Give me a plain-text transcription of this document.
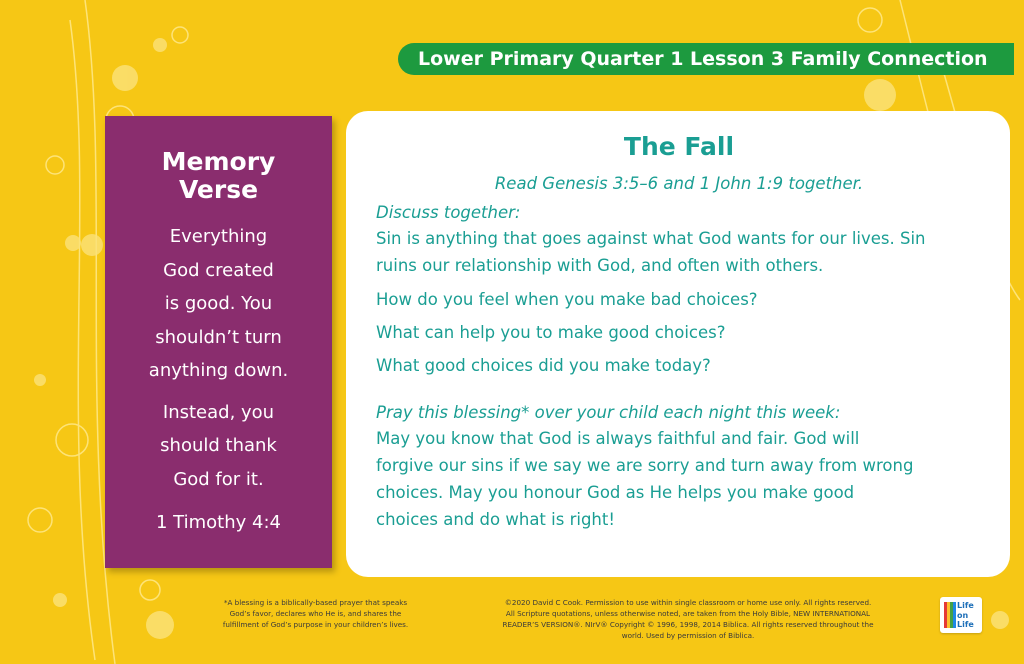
Lower Primary Quarter 1 Lesson 3 Family Connection
Memory
Verse
Everything
God created
is good. You
shouldn’t turn
anything down.
Instead, you
should thank
God for it.
1 Timothy 4:4
The Fall
Read Genesis 3:5–6 and 1 John 1:9 together.
Discuss together:
Sin is anything that goes against what God wants for our lives. Sin
ruins our relationship with God, and often with others.
How do you feel when you make bad choices?
What can help you to make good choices?
What good choices did you make today?
Pray this blessing* over your child each night this week:
May you know that God is always faithful and fair. God will
forgive our sins if we say we are sorry and turn away from wrong
choices. May you honour God as He helps you make good
choices and do what is right!
*A blessing is a biblically-based prayer that speaks
God’s favor, declares who He is, and shares the
fulfillment of God’s purpose in your children’s lives.
©2020 David C Cook. Permission to use within single classroom or home use only. All rights reserved.
All Scripture quotations, unless otherwise noted, are taken from the Holy Bible, NEW INTERNATIONAL
READER’S VERSION®. NIrV® Copyright © 1996, 1998, 2014 Biblica. All rights reserved throughout the
world. Used by permission of Biblica.
Life
on
Life
